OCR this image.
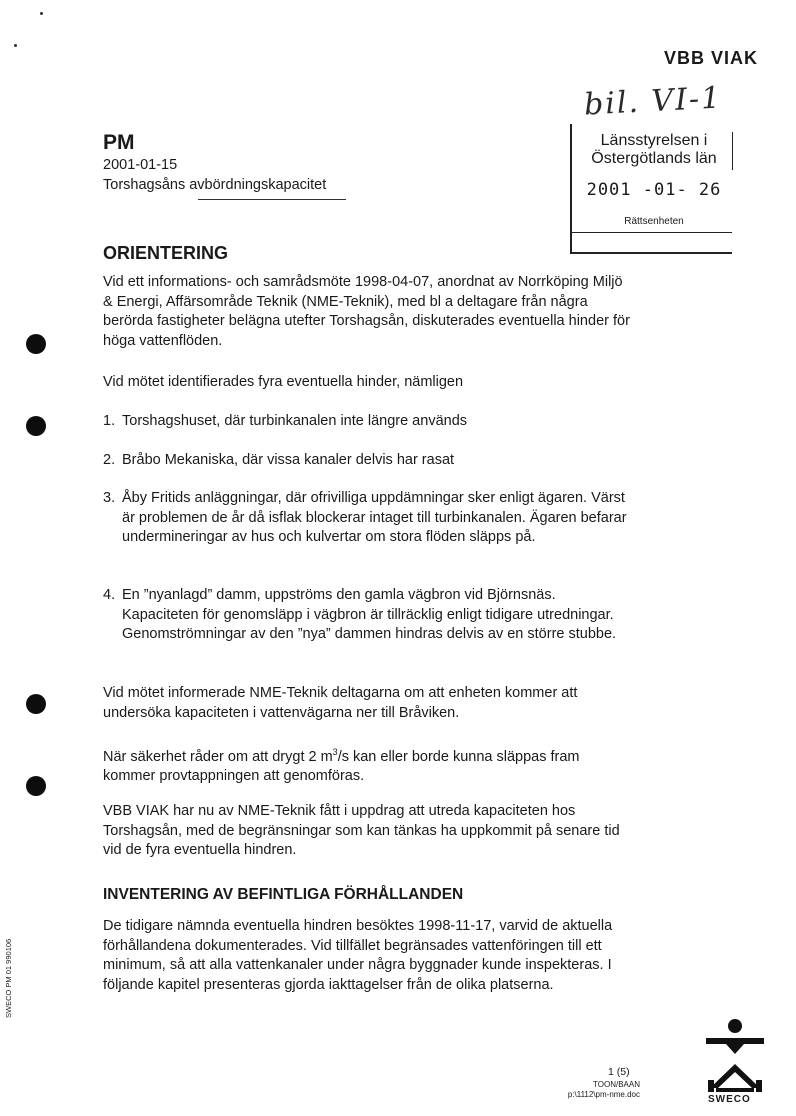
VBB VIAK
bil. VI-1
Länsstyrelsen i
Östergötlands län
2001 -01- 26
Rättsenheten
PM
2001-01-15
Torshagsåns avbördningskapacitet
ORIENTERING
Vid ett informations- och samrådsmöte 1998-04-07, anordnat av Norrköping Miljö & Energi, Affärsområde Teknik (NME-Teknik), med bl a deltagare från några berörda fastigheter belägna utefter Torshagsån, diskuterades eventuella hinder för höga vattenflöden.
Vid mötet identifierades fyra eventuella hinder, nämligen
1. Torshagshuset, där turbinkanalen inte längre används
2. Bråbo Mekaniska, där vissa kanaler delvis har rasat
3. Åby Fritids anläggningar, där ofrivilliga uppdämningar sker enligt ägaren. Värst är problemen de år då isflak blockerar intaget till turbinkanalen. Ägaren befarar undermineringar av hus och kulvertar om stora flöden släpps på.
4. En ”nyanlagd” damm, uppströms den gamla vägbron vid Björnsnäs. Kapaciteten för genomsläpp i vägbron är tillräcklig enligt tidigare utredningar. Genomströmningar av den ”nya” dammen hindras delvis av en större stubbe.
Vid mötet informerade NME-Teknik deltagarna om att enheten kommer att undersöka kapaciteten i vattenvägarna ner till Bråviken.
När säkerhet råder om att drygt 2 $m^3/s$ kan eller borde kunna släppas fram kommer provtappningen att genomföras.
VBB VIAK har nu av NME-Teknik fått i uppdrag att utreda kapaciteten hos Torshagsån, med de begränsningar som kan tänkas ha uppkommit på senare tid vid de fyra eventuella hindren.
INVENTERING AV BEFINTLIGA FÖRHÅLLANDEN
De tidigare nämnda eventuella hindren besöktes 1998-11-17, varvid de aktuella förhållandena dokumenterades. Vid tillfället begränsades vattenföringen till ett minimum, så att alla vattenkanaler under några byggnader kunde inspekteras. I följande kapitel presenteras gjorda iakttagelser från de olika platserna.
SWECO PM 01 990106
1 (5)
TOON/BAAN
p:\1112\pm-nme.doc	SWECO
